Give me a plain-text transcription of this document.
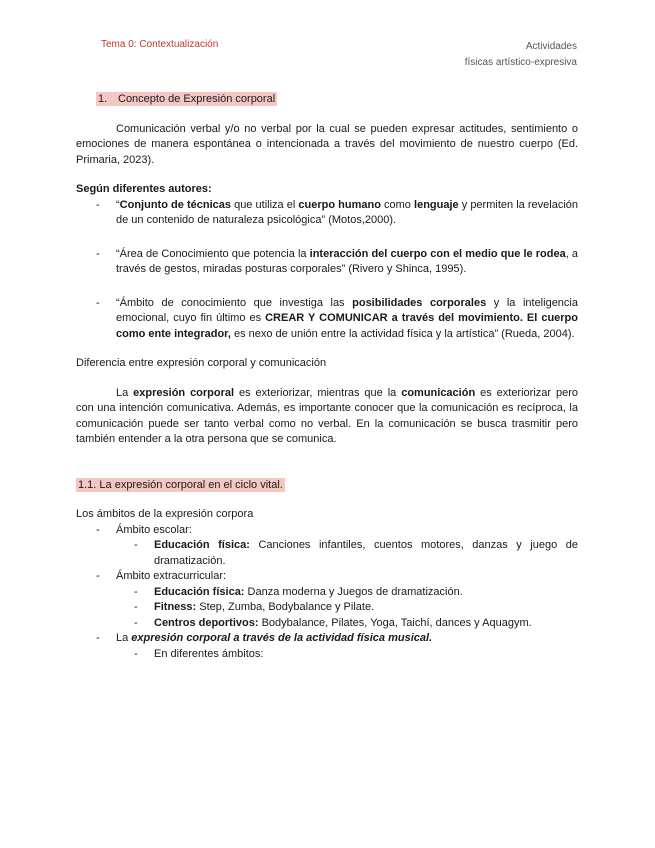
Tema 0: Contextualización	Actividades
físicas artístico-expresiva
1. Concepto de Expresión corporal

Comunicación verbal y/o no verbal por la cual se pueden expresar actitudes, sentimiento o emociones de manera espontánea o intencionada a través del movimiento de nuestro cuerpo (Ed. Primaria, 2023).

Según diferentes autores:

- “Conjunto de técnicas que utiliza el cuerpo humano como lenguaje y permiten la revelación de un contenido de naturaleza psicológica” (Motos,2000).
- “Área de Conocimiento que potencia la interacción del cuerpo con el medio que le rodea, a través de gestos, miradas posturas corporales” (Rivero y Shinca, 1995).
- “Ámbito de conocimiento que investiga las posibilidades corporales y la inteligencia emocional, cuyo fin último es CREAR Y COMUNICAR a través del movimiento. El cuerpo como ente integrador, es nexo de unión entre la actividad física y la artística” (Rueda, 2004).

Diferencia entre expresión corporal y comunicación

La expresión corporal es exteriorizar, mientras que la comunicación es exteriorizar pero con una intención comunicativa. Además, es importante conocer que la comunicación es recíproca, la comunicación puede ser tanto verbal como no verbal. En la comunicación se busca trasmitir pero también entender a la otra persona que se comunica.

1.1. La expresión corporal en el ciclo vital.

Los ámbitos de la expresión corpora

- Ámbito escolar:
- Educación física: Canciones infantiles, cuentos motores, danzas y juego de dramatización.
- Ámbito extracurricular:
- Educación física: Danza moderna y Juegos de dramatización.
- Fitness: Step, Zumba, Bodybalance y Pilate.
- Centros deportivos: Bodybalance, Pilates, Yoga, Taichí, dances y Aquagym.
- La expresión corporal a través de la actividad física musical.
- En diferentes ámbitos:
